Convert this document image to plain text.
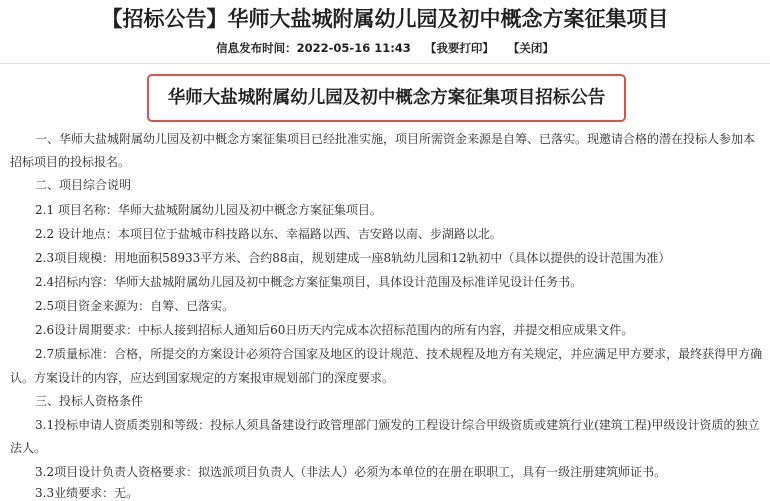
【招标公告】华师大盐城附属幼儿园及初中概念方案征集项目
信息发布时间：2022-05-16 11:43 【我要打印】 【关闭】
华师大盐城附属幼儿园及初中概念方案征集项目招标公告
一、华师大盐城附属幼儿园及初中概念方案征集项目已经批准实施，项目所需资金来源是自筹、已落实。现邀请合格的潜在投标人参加本
招标项目的投标报名。
二、项目综合说明
2.1 项目名称：华师大盐城附属幼儿园及初中概念方案征集项目。
2.2 设计地点：本项目位于盐城市科技路以东、幸福路以西、吉安路以南、步湖路以北。
2.3项目规模：用地面积58933平方米、合约88亩，规划建成一座8轨幼儿园和12轨初中（具体以提供的设计范围为准）
2.4招标内容：华师大盐城附属幼儿园及初中概念方案征集项目，具体设计范围及标准详见设计任务书。
2.5项目资金来源为：自筹、已落实。
2.6设计周期要求：中标人接到招标人通知后60日历天内完成本次招标范围内的所有内容，并提交相应成果文件。
2.7质量标准：合格，所提交的方案设计必须符合国家及地区的设计规范、技术规程及地方有关规定，并应满足甲方要求，最终获得甲方确
认。方案设计的内容，应达到国家规定的方案报审规划部门的深度要求。
三、投标人资格条件
3.1投标申请人资质类别和等级：投标人须具备建设行政管理部门颁发的工程设计综合甲级资质或建筑行业(建筑工程)甲级设计资质的独立
法人。
3.2项目设计负责人资格要求：拟选派项目负责人（非法人）必须为本单位的在册在职职工，具有一级注册建筑师证书。
3.3业绩要求：无。
